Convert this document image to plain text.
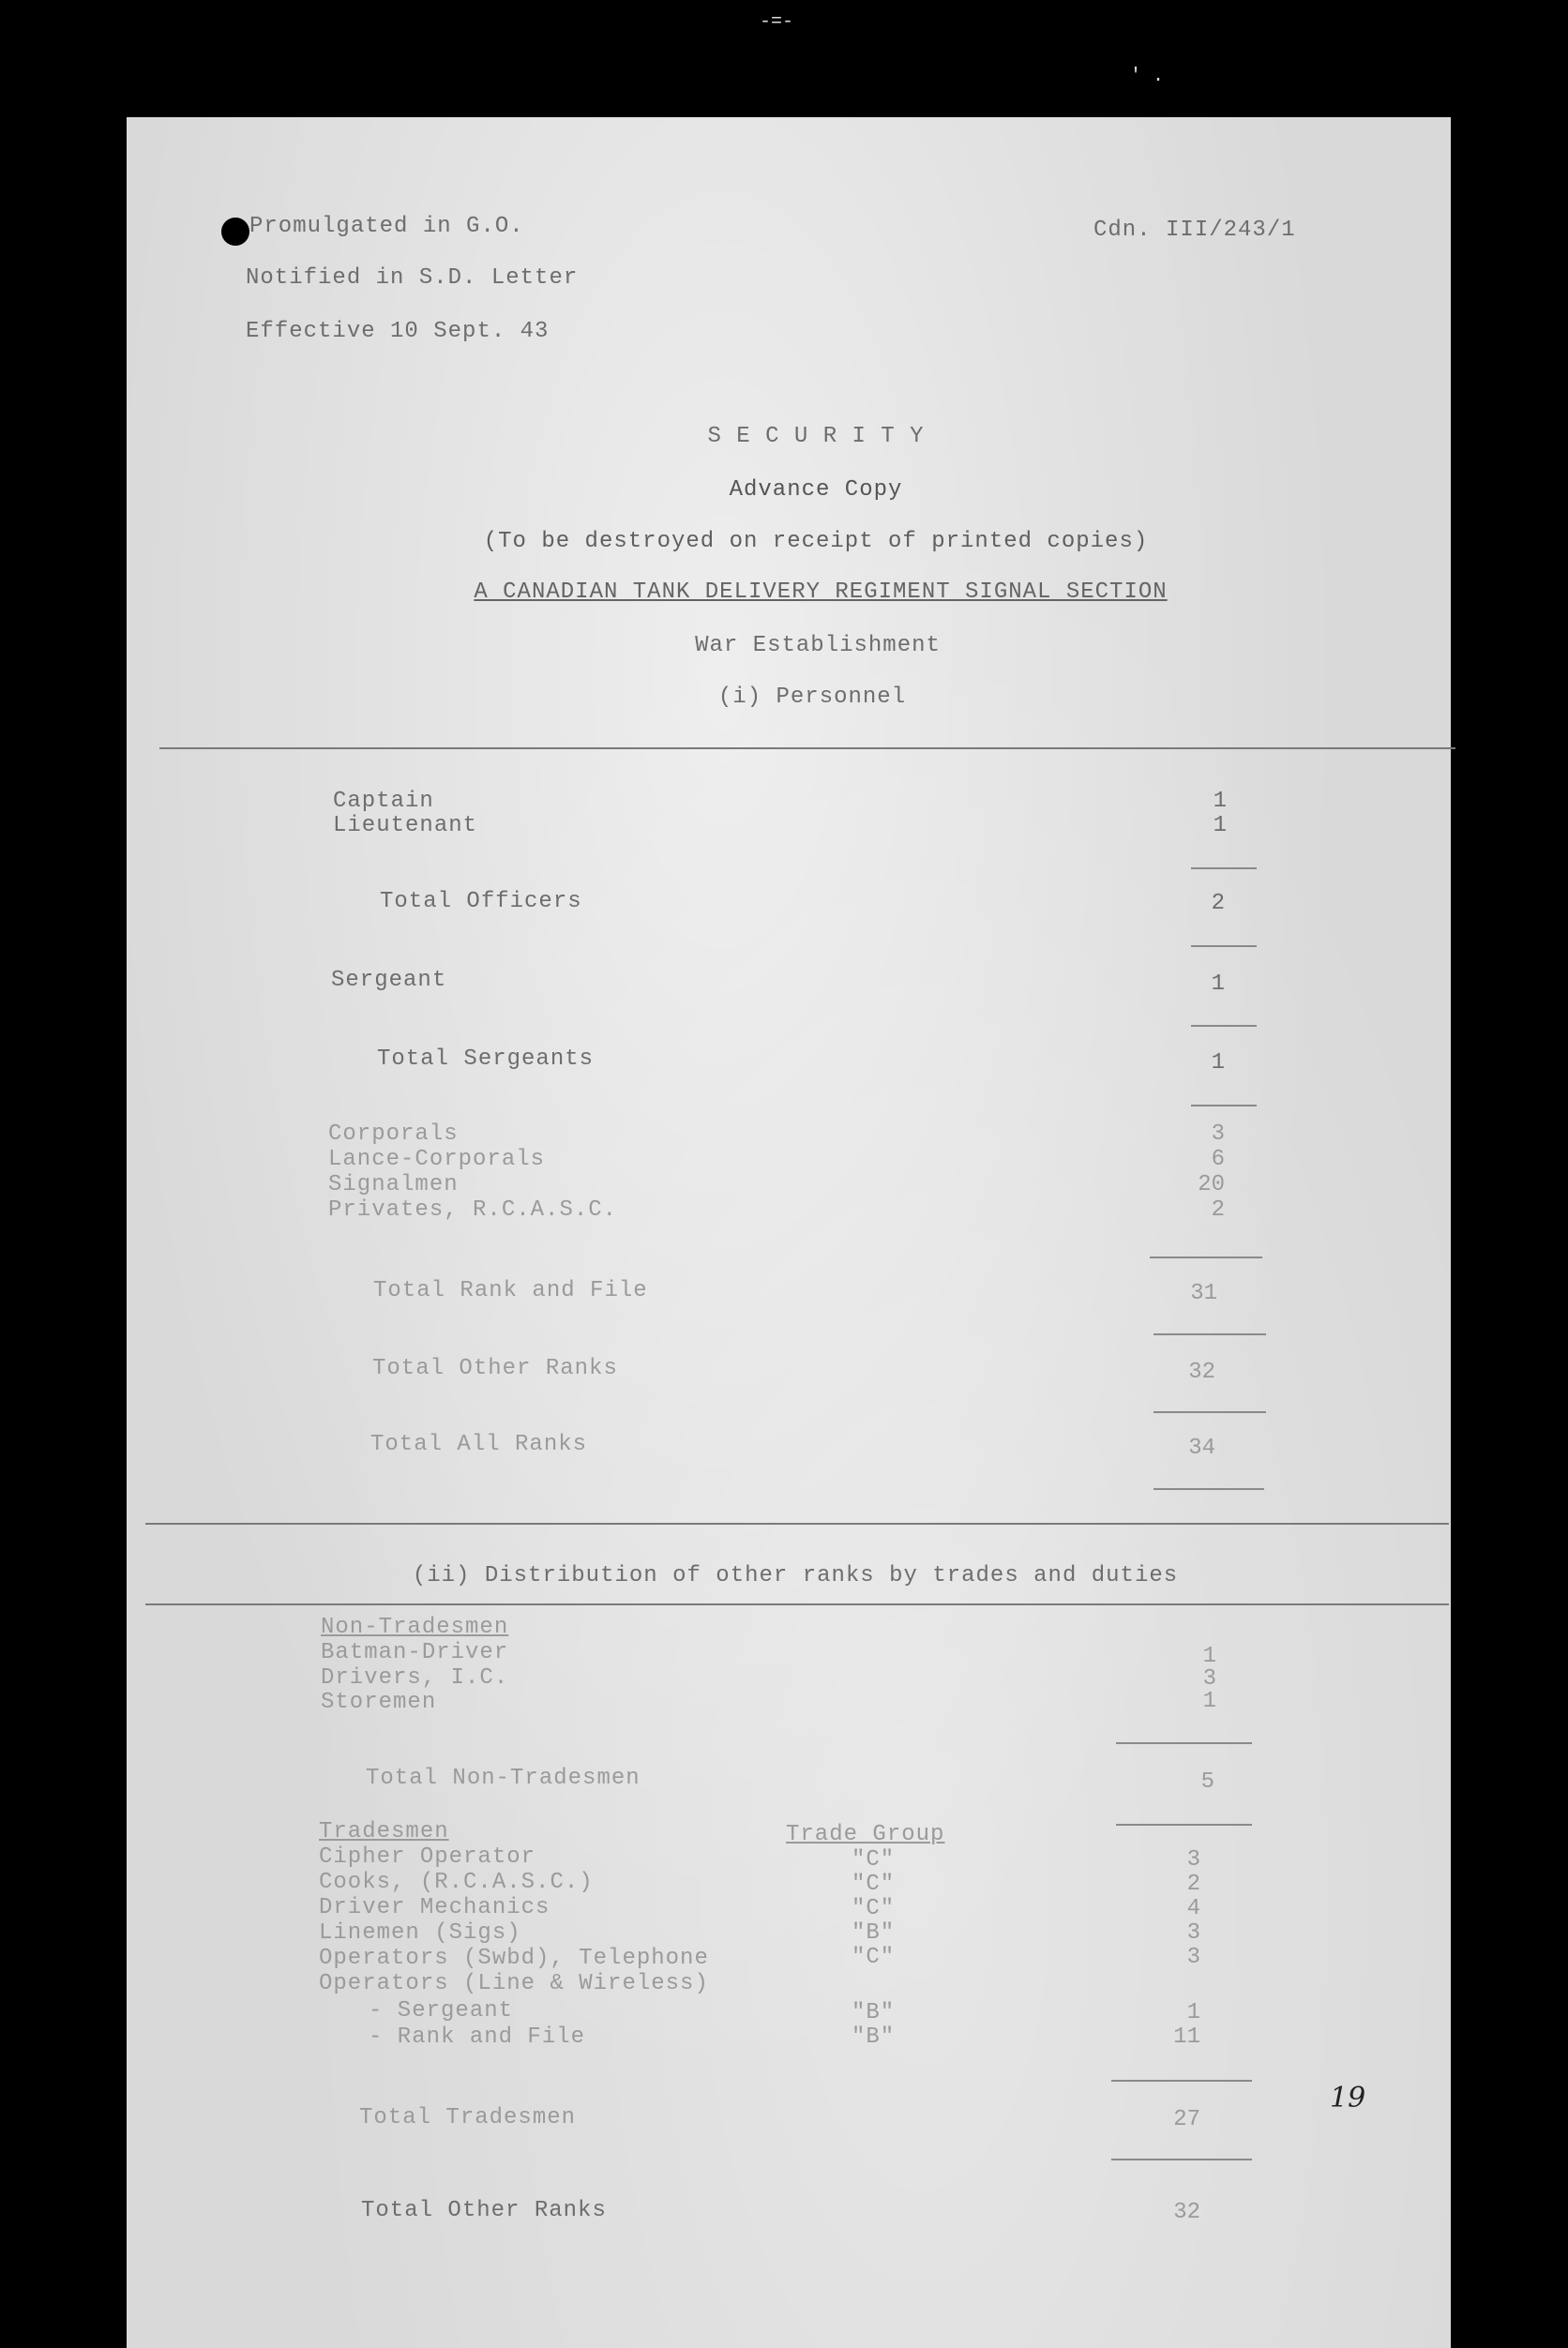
-=-
' .
Promulgated in G.O.
Notified in S.D. Letter
Effective 10 Sept. 43
Cdn. III/243/1
S E C U R I T Y
Advance Copy
(To be destroyed on receipt of printed copies)
A CANADIAN TANK DELIVERY REGIMENT SIGNAL SECTION
War Establishment
(i) Personnel
Captain	1
Lieutenant	1
Total Officers	2
Sergeant	1
Total Sergeants	1
Corporals	3
Lance-Corporals	6
Signalmen	20
Privates, R.C.A.S.C.	2
Total Rank and File	31
Total Other Ranks	32
Total All Ranks	34
(ii) Distribution of other ranks by trades and duties
Non-Tradesmen
Batman-Driver	1
Drivers, I.C.	3
Storemen	1
Total Non-Tradesmen	5
Tradesmen	Trade Group
Cipher Operator	"C"	3
Cooks, (R.C.A.S.C.)	"C"	2
Driver Mechanics	"C"	4
Linemen (Sigs)	"B"	3
Operators (Swbd), Telephone	"C"	3
Operators (Line & Wireless)
- Sergeant	"B"	1
- Rank and File	"B"	11
Total Tradesmen	27
Total Other Ranks	32
19
